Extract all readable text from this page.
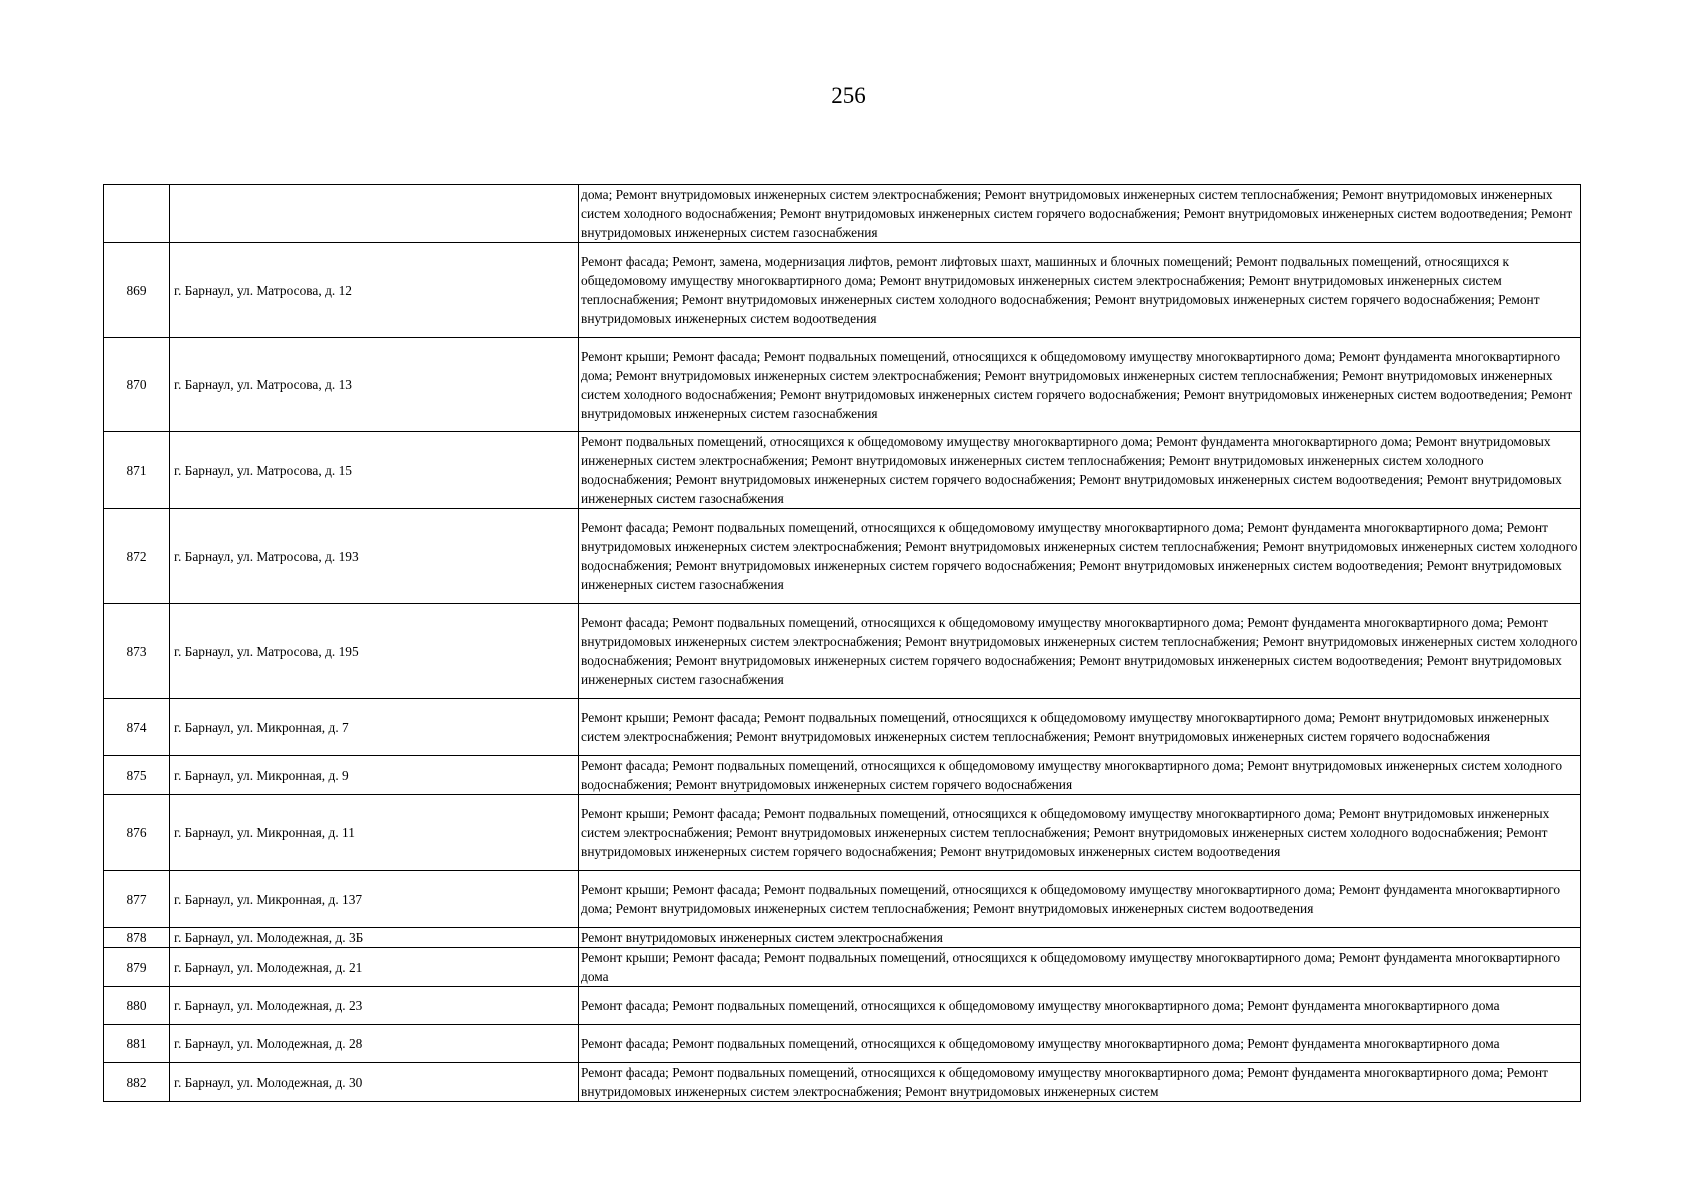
256
		дома; Ремонт внутридомовых инженерных систем электроснабжения; Ремонт внутридомовых инженерных систем теплоснабжения; Ремонт внутридомовых инженерных систем холодного водоснабжения; Ремонт внутридомовых инженерных систем горячего водоснабжения; Ремонт внутридомовых инженерных систем водоотведения; Ремонт внутридомовых инженерных систем газоснабжения
869	г. Барнаул, ул. Матросова, д. 12	Ремонт фасада; Ремонт, замена, модернизация лифтов, ремонт лифтовых шахт, машинных и блочных помещений; Ремонт подвальных помещений, относящихся к общедомовому имуществу многоквартирного дома; Ремонт внутридомовых инженерных систем электроснабжения; Ремонт внутридомовых инженерных систем теплоснабжения; Ремонт внутридомовых инженерных систем холодного водоснабжения; Ремонт внутридомовых инженерных систем горячего водоснабжения; Ремонт внутридомовых инженерных систем водоотведения
870	г. Барнаул, ул. Матросова, д. 13	Ремонт крыши; Ремонт фасада; Ремонт подвальных помещений, относящихся к общедомовому имуществу многоквартирного дома; Ремонт фундамента многоквартирного дома; Ремонт внутридомовых инженерных систем электроснабжения; Ремонт внутридомовых инженерных систем теплоснабжения; Ремонт внутридомовых инженерных систем холодного водоснабжения; Ремонт внутридомовых инженерных систем горячего водоснабжения; Ремонт внутридомовых инженерных систем водоотведения; Ремонт внутридомовых инженерных систем газоснабжения
871	г. Барнаул, ул. Матросова, д. 15	Ремонт подвальных помещений, относящихся к общедомовому имуществу многоквартирного дома; Ремонт фундамента многоквартирного дома; Ремонт внутридомовых инженерных систем электроснабжения; Ремонт внутридомовых инженерных систем теплоснабжения; Ремонт внутридомовых инженерных систем холодного водоснабжения; Ремонт внутридомовых инженерных систем горячего водоснабжения; Ремонт внутридомовых инженерных систем водоотведения; Ремонт внутридомовых инженерных систем газоснабжения
872	г. Барнаул, ул. Матросова, д. 193	Ремонт фасада; Ремонт подвальных помещений, относящихся к общедомовому имуществу многоквартирного дома; Ремонт фундамента многоквартирного дома; Ремонт внутридомовых инженерных систем электроснабжения; Ремонт внутридомовых инженерных систем теплоснабжения; Ремонт внутридомовых инженерных систем холодного водоснабжения; Ремонт внутридомовых инженерных систем горячего водоснабжения; Ремонт внутридомовых инженерных систем водоотведения; Ремонт внутридомовых инженерных систем газоснабжения
873	г. Барнаул, ул. Матросова, д. 195	Ремонт фасада; Ремонт подвальных помещений, относящихся к общедомовому имуществу многоквартирного дома; Ремонт фундамента многоквартирного дома; Ремонт внутридомовых инженерных систем электроснабжения; Ремонт внутридомовых инженерных систем теплоснабжения; Ремонт внутридомовых инженерных систем холодного водоснабжения; Ремонт внутридомовых инженерных систем горячего водоснабжения; Ремонт внутридомовых инженерных систем водоотведения; Ремонт внутридомовых инженерных систем газоснабжения
874	г. Барнаул, ул. Микронная, д. 7	Ремонт крыши; Ремонт фасада; Ремонт подвальных помещений, относящихся к общедомовому имуществу многоквартирного дома; Ремонт внутридомовых инженерных систем электроснабжения; Ремонт внутридомовых инженерных систем теплоснабжения; Ремонт внутридомовых инженерных систем горячего водоснабжения
875	г. Барнаул, ул. Микронная, д. 9	Ремонт фасада; Ремонт подвальных помещений, относящихся к общедомовому имуществу многоквартирного дома; Ремонт внутридомовых инженерных систем холодного водоснабжения; Ремонт внутридомовых инженерных систем горячего водоснабжения
876	г. Барнаул, ул. Микронная, д. 11	Ремонт крыши; Ремонт фасада; Ремонт подвальных помещений, относящихся к общедомовому имуществу многоквартирного дома; Ремонт внутридомовых инженерных систем электроснабжения; Ремонт внутридомовых инженерных систем теплоснабжения; Ремонт внутридомовых инженерных систем холодного водоснабжения; Ремонт внутридомовых инженерных систем горячего водоснабжения; Ремонт внутридомовых инженерных систем водоотведения
877	г. Барнаул, ул. Микронная, д. 137	Ремонт крыши; Ремонт фасада; Ремонт подвальных помещений, относящихся к общедомовому имуществу многоквартирного дома; Ремонт фундамента многоквартирного дома; Ремонт внутридомовых инженерных систем теплоснабжения; Ремонт внутридомовых инженерных систем водоотведения
878	г. Барнаул, ул. Молодежная, д. 3Б	Ремонт внутридомовых инженерных систем электроснабжения
879	г. Барнаул, ул. Молодежная, д. 21	Ремонт крыши; Ремонт фасада; Ремонт подвальных помещений, относящихся к общедомовому имуществу многоквартирного дома; Ремонт фундамента многоквартирного дома
880	г. Барнаул, ул. Молодежная, д. 23	Ремонт фасада; Ремонт подвальных помещений, относящихся к общедомовому имуществу многоквартирного дома; Ремонт фундамента многоквартирного дома
881	г. Барнаул, ул. Молодежная, д. 28	Ремонт фасада; Ремонт подвальных помещений, относящихся к общедомовому имуществу многоквартирного дома; Ремонт фундамента многоквартирного дома
882	г. Барнаул, ул. Молодежная, д. 30	Ремонт фасада; Ремонт подвальных помещений, относящихся к общедомовому имуществу многоквартирного дома; Ремонт фундамента многоквартирного дома; Ремонт внутридомовых инженерных систем электроснабжения; Ремонт внутридомовых инженерных систем
